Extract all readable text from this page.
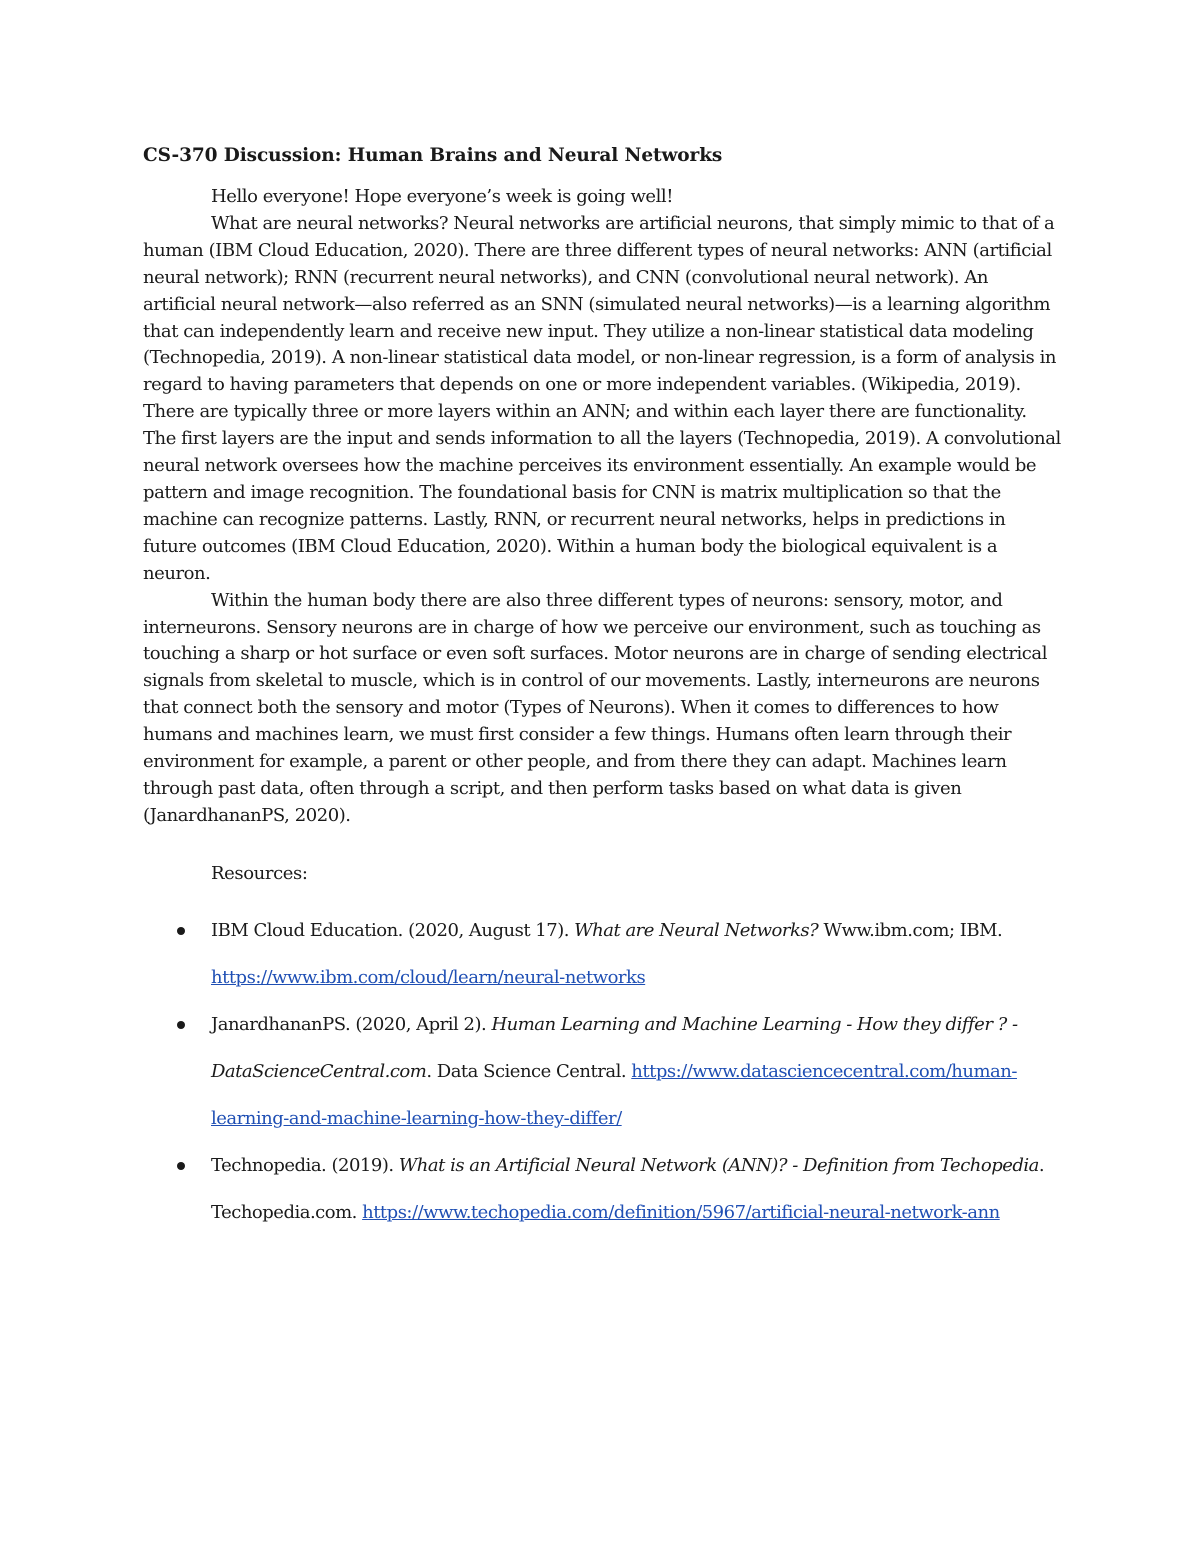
CS-370 Discussion: Human Brains and Neural Networks

Hello everyone! Hope everyone’s week is going well!

What are neural networks? Neural networks are artificial neurons, that simply mimic to that of a human (IBM Cloud Education, 2020). There are three different types of neural networks: ANN (artificial neural network); RNN (recurrent neural networks), and CNN (convolutional neural network). An artificial neural network—also referred as an SNN (simulated neural networks)—is a learning algorithm that can independently learn and receive new input. They utilize a non-linear statistical data modeling (Technopedia, 2019). A non-linear statistical data model, or non-linear regression, is a form of analysis in regard to having parameters that depends on one or more independent variables. (Wikipedia, 2019). There are typically three or more layers within an ANN; and within each layer there are functionality. The first layers are the input and sends information to all the layers (Technopedia, 2019). A convolutional neural network oversees how the machine perceives its environment essentially. An example would be pattern and image recognition. The foundational basis for CNN is matrix multiplication so that the machine can recognize patterns. Lastly, RNN, or recurrent neural networks, helps in predictions in future outcomes (IBM Cloud Education, 2020). Within a human body the biological equivalent is a neuron.

Within the human body there are also three different types of neurons: sensory, motor, and interneurons. Sensory neurons are in charge of how we perceive our environment, such as touching as touching a sharp or hot surface or even soft surfaces. Motor neurons are in charge of sending electrical signals from skeletal to muscle, which is in control of our movements. Lastly, interneurons are neurons that connect both the sensory and motor (Types of Neurons). When it comes to differences to how humans and machines learn, we must first consider a few things. Humans often learn through their environment for example, a parent or other people, and from there they can adapt. Machines learn through past data, often through a script, and then perform tasks based on what data is given (JanardhananPS, 2020).

Resources:
IBM Cloud Education. (2020, August 17). What are Neural Networks? Www.ibm.com; IBM. https://www.ibm.com/cloud/learn/neural-networks
JanardhananPS. (2020, April 2). Human Learning and Machine Learning - How they differ ? - DataScienceCentral.com. Data Science Central. https://www.datasciencecentral.com/human-learning-and-machine-learning-how-they-differ/
Technopedia. (2019). What is an Artificial Neural Network (ANN)? - Definition from Techopedia. Techopedia.com. https://www.techopedia.com/definition/5967/artificial-neural-network-ann
